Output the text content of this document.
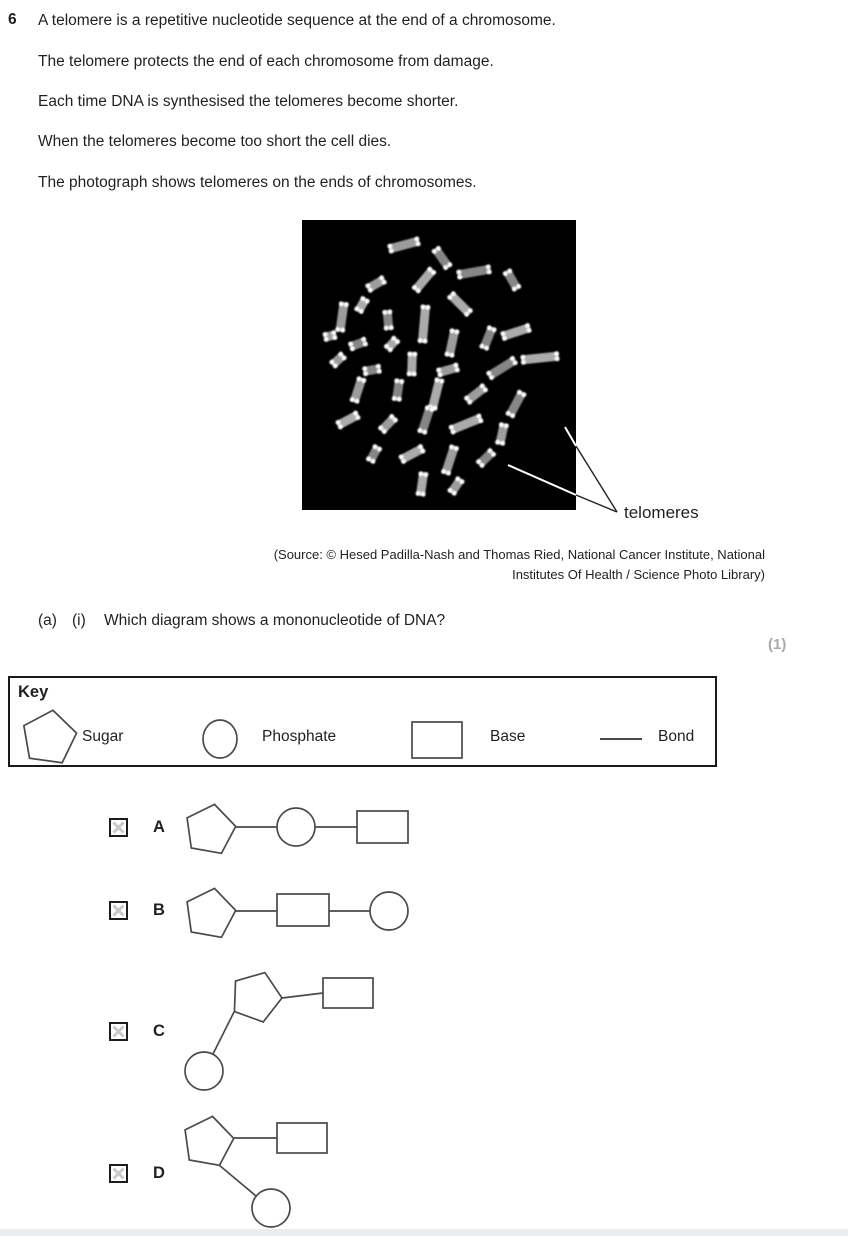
6 A telomere is a repetitive nucleotide sequence at the end of a chromosome.
The telomere protects the end of each chromosome from damage.
Each time DNA is synthesised the telomeres become shorter.
When the telomeres become too short the cell dies.
The photograph shows telomeres on the ends of chromosomes.
telomeres
(Source: © Hesed Padilla-Nash and Thomas Ried, National Cancer Institute, National
Institutes Of Health / Science Photo Library)
(a) (i) Which diagram shows a mononucleotide of DNA?
(1)
Key
Sugar	Phosphate	Base	Bond
A
B
C
D
